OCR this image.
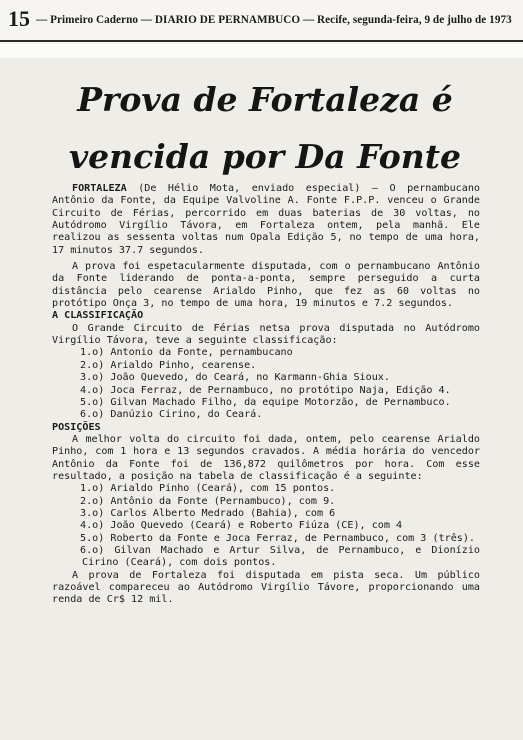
15 — Primeiro Caderno — DIARIO DE PERNAMBUCO — Recife, segunda-feira, 9 de julho de 1973
Prova de Fortaleza é
vencida por Da Fonte

FORTALEZA (De Hélio Mota, enviado especial) — O pernambucano Antônio da Fonte, da Equipe Valvoline A. Fonte F.P.P. venceu o Grande Circuito de Férias, percorrido em duas baterias de 30 voltas, no Autódromo Virgílio Távora, em Fortaleza ontem, pela manhã. Ele realizou as sessenta voltas num Opala Edição 5, no tempo de uma hora, 17 minutos 37.7 segundos.

A prova foi espetacularmente disputada, com o pernambucano Antônio da Fonte liderando de ponta-a-ponta, sempre perseguido a curta distância pelo cearense Arialdo Pinho, que fez as 60 voltas no protótipo Onça 3, no tempo de uma hora, 19 minutos e 7.2 segundos.

A CLASSIFICAÇÃO

O Grande Circuito de Férias netsa prova disputada no Autódromo Virgílio Távora, teve a seguinte classificação:

1.o) Antonio da Fonte, pernambucano

2.o) Arialdo Pinho, cearense.

3.o) João Quevedo, do Ceará, no Karmann-Ghia Sioux.

4.o) Joca Ferraz, de Pernambuco, no protótipo Naja, Edição 4.

5.o) Gilvan Machado Filho, da equipe Motorzão, de Pernambuco.

6.o) Danúzio Cirino, do Ceará.

POSIÇÕES

A melhor volta do circuito foi dada, ontem, pelo cearense Arialdo Pinho, com 1 hora e 13 segundos cravados. A média horária do vencedor Antônio da Fonte foi de 136,872 quilômetros por hora. Com esse resultado, a posição na tabela de classificação é a seguinte:

1.o) Arialdo Pinho (Ceará), com 15 pontos.

2.o) Antônio da Fonte (Pernambuco), com 9.

3.o) Carlos Alberto Medrado (Bahia), com 6

4.o) João Quevedo (Ceará) e Roberto Fiúza (CE), com 4

5.o) Roberto da Fonte e Joca Ferraz, de Pernambuco, com 3 (três).

6.o) Gilvan Machado e Artur Silva, de Pernambuco, e Dionízio Cirino (Ceará), com dois pontos.

A prova de Fortaleza foi disputada em pista seca. Um público razoável compareceu ao Autódromo Virgílio Távore, proporcionando uma renda de Cr$ 12 mil.
